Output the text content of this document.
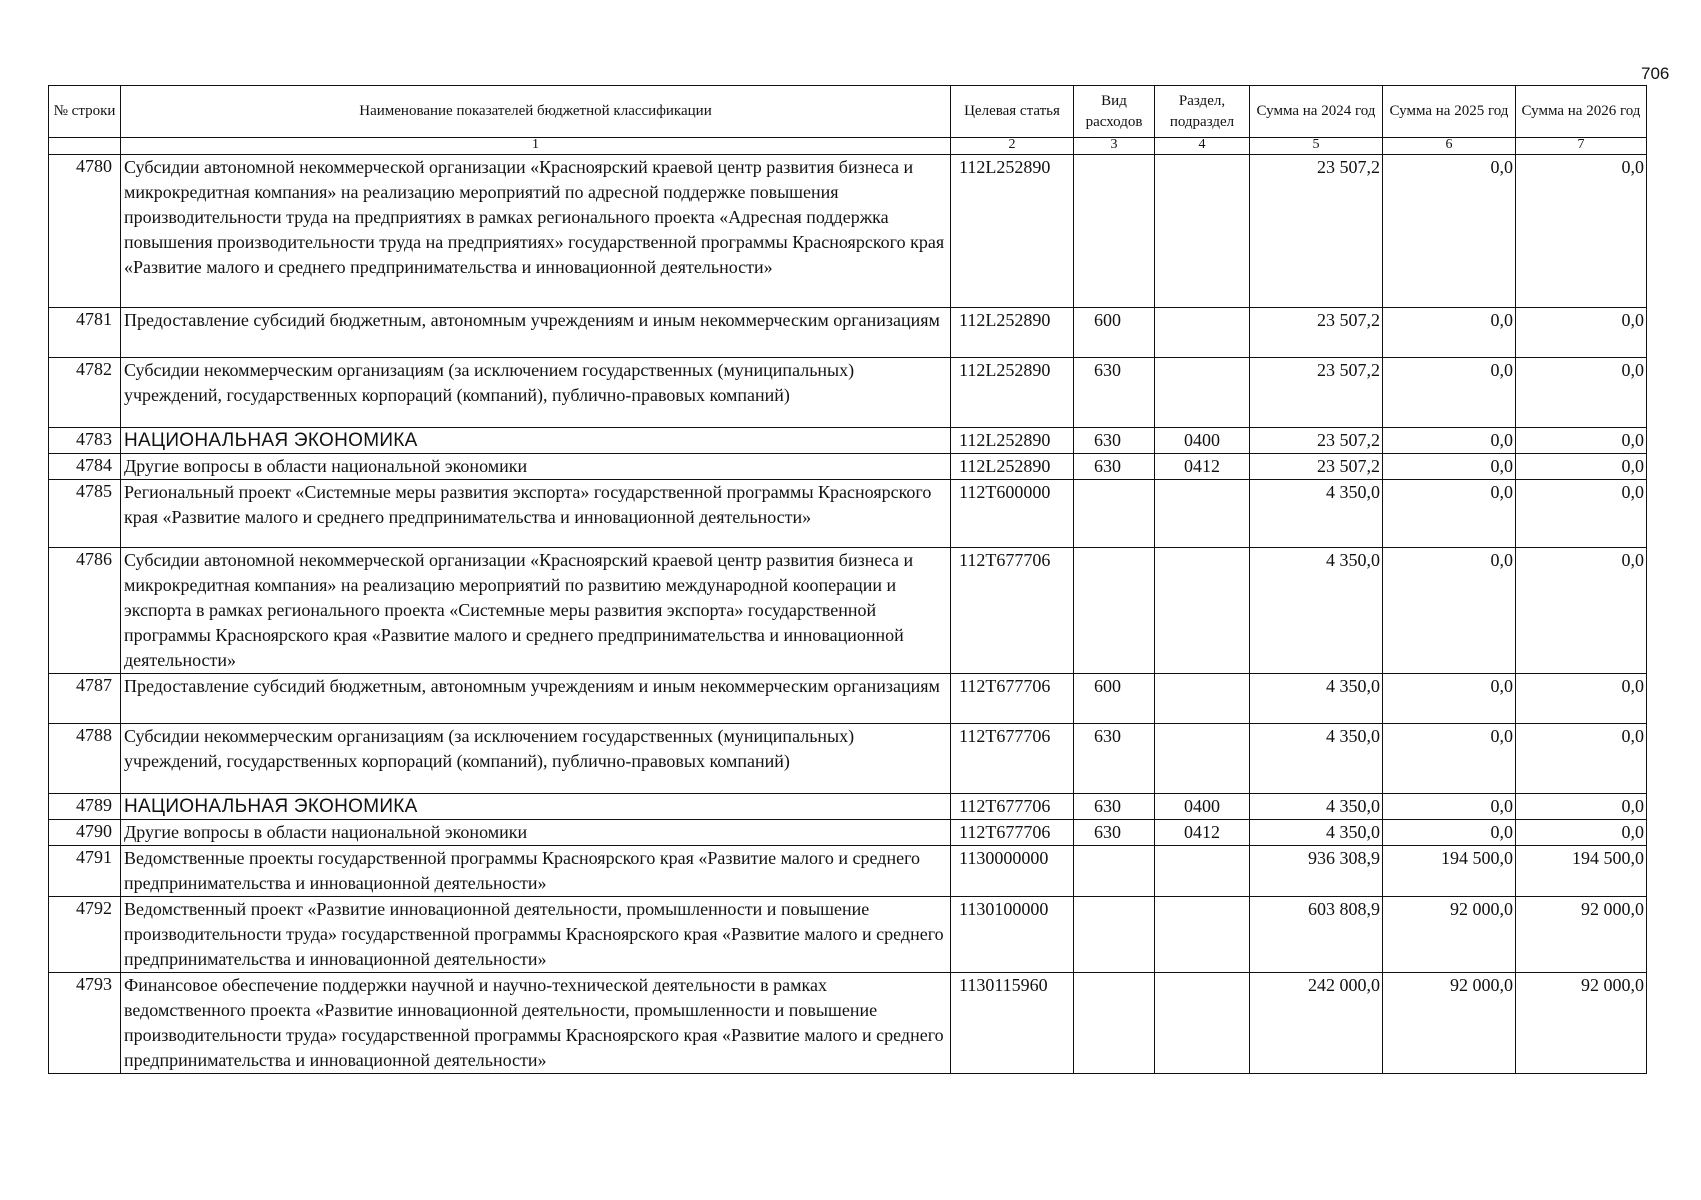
706
№ строки	Наименование показателей бюджетной классификации	Целевая статья	Вид расходов	Раздел, подраздел	Сумма на 2024 год	Сумма на 2025 год	Сумма на 2026 год
	1	2	3	4	5	6	7
4780	Субсидии автономной некоммерческой организации «Красноярский краевой центр развития бизнеса и микрокредитная компания» на реализацию мероприятий по адресной поддержке повышения производительности труда на предприятиях в рамках регионального проекта «Адресная поддержка повышения производительности труда на предприятиях» государственной программы Красноярского края «Развитие малого и среднего предпринимательства и инновационной деятельности»	112L252890			23 507,2	0,0	0,0
4781	Предоставление субсидий бюджетным, автономным учреждениям и иным некоммерческим организациям	112L252890	600		23 507,2	0,0	0,0
4782	Субсидии некоммерческим организациям (за исключением государственных (муниципальных) учреждений, государственных корпораций (компаний), публично-правовых компаний)	112L252890	630		23 507,2	0,0	0,0
4783	НАЦИОНАЛЬНАЯ ЭКОНОМИКА	112L252890	630	0400	23 507,2	0,0	0,0
4784	Другие вопросы в области национальной экономики	112L252890	630	0412	23 507,2	0,0	0,0
4785	Региональный проект «Системные меры развития экспорта» государственной программы Красноярского края «Развитие малого и среднего предпринимательства и инновационной деятельности»	112T600000			4 350,0	0,0	0,0
4786	Субсидии автономной некоммерческой организации «Красноярский краевой центр развития бизнеса и микрокредитная компания» на реализацию мероприятий по развитию международной кооперации и экспорта в рамках регионального проекта «Системные меры развития экспорта» государственной программы Красноярского края «Развитие малого и среднего предпринимательства и инновационной деятельности»	112T677706			4 350,0	0,0	0,0
4787	Предоставление субсидий бюджетным, автономным учреждениям и иным некоммерческим организациям	112T677706	600		4 350,0	0,0	0,0
4788	Субсидии некоммерческим организациям (за исключением государственных (муниципальных) учреждений, государственных корпораций (компаний), публично-правовых компаний)	112T677706	630		4 350,0	0,0	0,0
4789	НАЦИОНАЛЬНАЯ ЭКОНОМИКА	112T677706	630	0400	4 350,0	0,0	0,0
4790	Другие вопросы в области национальной экономики	112T677706	630	0412	4 350,0	0,0	0,0
4791	Ведомственные проекты государственной программы Красноярского края «Развитие малого и среднего предпринимательства и инновационной деятельности»	1130000000			936 308,9	194 500,0	194 500,0
4792	Ведомственный проект «Развитие инновационной деятельности, промышленности и повышение производительности труда» государственной программы Красноярского края «Развитие малого и среднего предпринимательства и инновационной деятельности»	1130100000			603 808,9	92 000,0	92 000,0
4793	Финансовое обеспечение поддержки научной и научно-технической деятельности в рамках ведомственного проекта «Развитие инновационной деятельности, промышленности и повышение производительности труда» государственной программы Красноярского края «Развитие малого и среднего предпринимательства и инновационной деятельности»	1130115960			242 000,0	92 000,0	92 000,0
